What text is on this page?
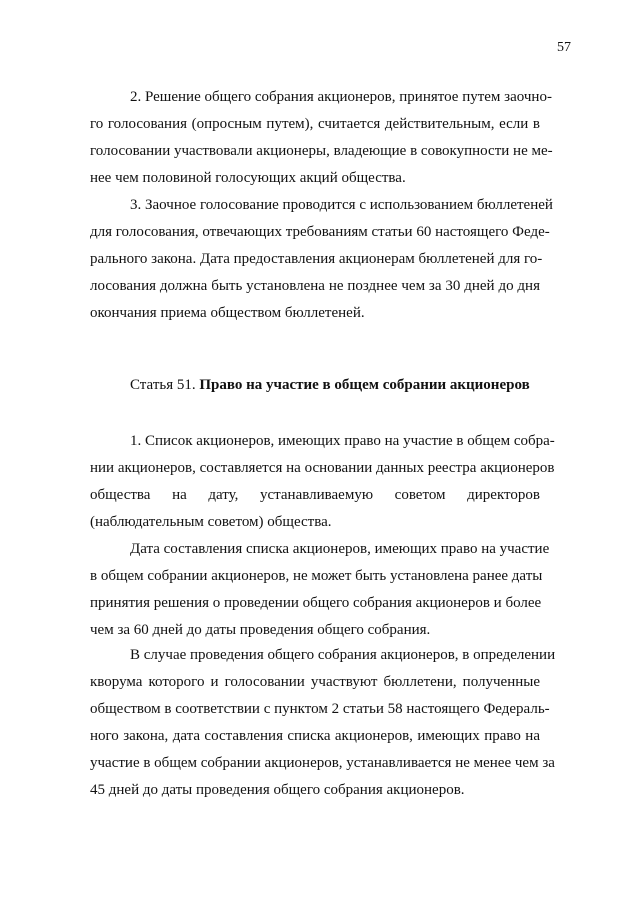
57
2. Решение общего собрания акционеров, принятое путем заочно-
го голосования (опросным путем), считается действительным, если в
голосовании участвовали акционеры, владеющие в совокупности не ме-
нее чем половиной голосующих акций общества.
3. Заочное голосование проводится с использованием бюллетеней
для голосования, отвечающих требованиям статьи 60 настоящего Феде-
рального закона. Дата предоставления акционерам бюллетеней для го-
лосования должна быть установлена не позднее чем за 30 дней до дня
окончания приема обществом бюллетеней.
Статья 51. Право на участие в общем собрании акционеров
1. Список акционеров, имеющих право на участие в общем собра-
нии акционеров, составляется на основании данных реестра акционеров
общества на дату, устанавливаемую советом директоров
(наблюдательным советом) общества.
Дата составления списка акционеров, имеющих право на участие
в общем собрании акционеров, не может быть установлена ранее даты
принятия решения о проведении общего собрания акционеров и более
чем за 60 дней до даты проведения общего собрания.
В случае проведения общего собрания акционеров, в определении
кворума которого и голосовании участвуют бюллетени, полученные
обществом в соответствии с пунктом 2 статьи 58 настоящего Федераль-
ного закона, дата составления списка акционеров, имеющих право на
участие в общем собрании акционеров, устанавливается не менее чем за
45 дней до даты проведения общего собрания акционеров.
